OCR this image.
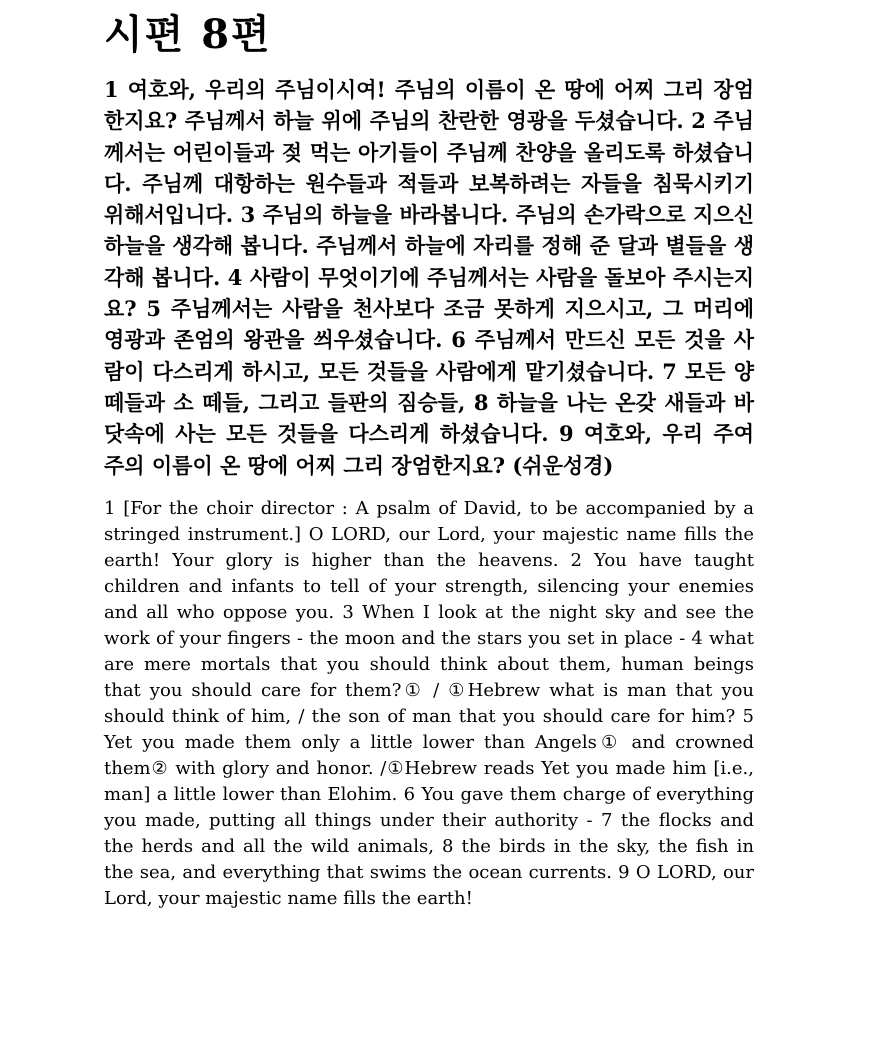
시편 8편

1 여호와, 우리의 주님이시여! 주님의 이름이 온 땅에 어찌 그리 장엄한지요? 주님께서 하늘 위에 주님의 찬란한 영광을 두셨습니다. 2 주님께서는 어린이들과 젖 먹는 아기들이 주님께 찬양을 올리도록 하셨습니다. 주님께 대항하는 원수들과 적들과 보복하려는 자들을 침묵시키기 위해서입니다. 3 주님의 하늘을 바라봅니다. 주님의 손가락으로 지으신 하늘을 생각해 봅니다. 주님께서 하늘에 자리를 정해 준 달과 별들을 생각해 봅니다. 4 사람이 무엇이기에 주님께서는 사람을 돌보아 주시는지요? 5 주님께서는 사람을 천사보다 조금 못하게 지으시고, 그 머리에 영광과 존엄의 왕관을 씌우셨습니다. 6 주님께서 만드신 모든 것을 사람이 다스리게 하시고, 모든 것들을 사람에게 맡기셨습니다. 7 모든 양 떼들과 소 떼들, 그리고 들판의 짐승들, 8 하늘을 나는 온갖 새들과 바닷속에 사는 모든 것들을 다스리게 하셨습니다. 9 여호와, 우리 주여 주의 이름이 온 땅에 어찌 그리 장엄한지요? (쉬운성경)

1 [For the choir director : A psalm of David, to be accompanied by a stringed instrument.] O LORD, our Lord, your majestic name fills the earth! Your glory is higher than the heavens. 2 You have taught children and infants to tell of your strength, silencing your enemies and all who oppose you. 3 When I look at the night sky and see the work of your fingers - the moon and the stars you set in place - 4 what are mere mortals that you should think about them, human beings that you should care for them?① / ①Hebrew what is man that you should think of him, / the son of man that you should care for him? 5 Yet you made them only a little lower than Angels① and crowned them② with glory and honor. /①Hebrew reads Yet you made him [i.e., man] a little lower than Elohim. 6 You gave them charge of everything you made, putting all things under their authority - 7 the flocks and the herds and all the wild animals, 8 the birds in the sky, the fish in the sea, and everything that swims the ocean currents. 9 O LORD, our Lord, your majestic name fills the earth!
